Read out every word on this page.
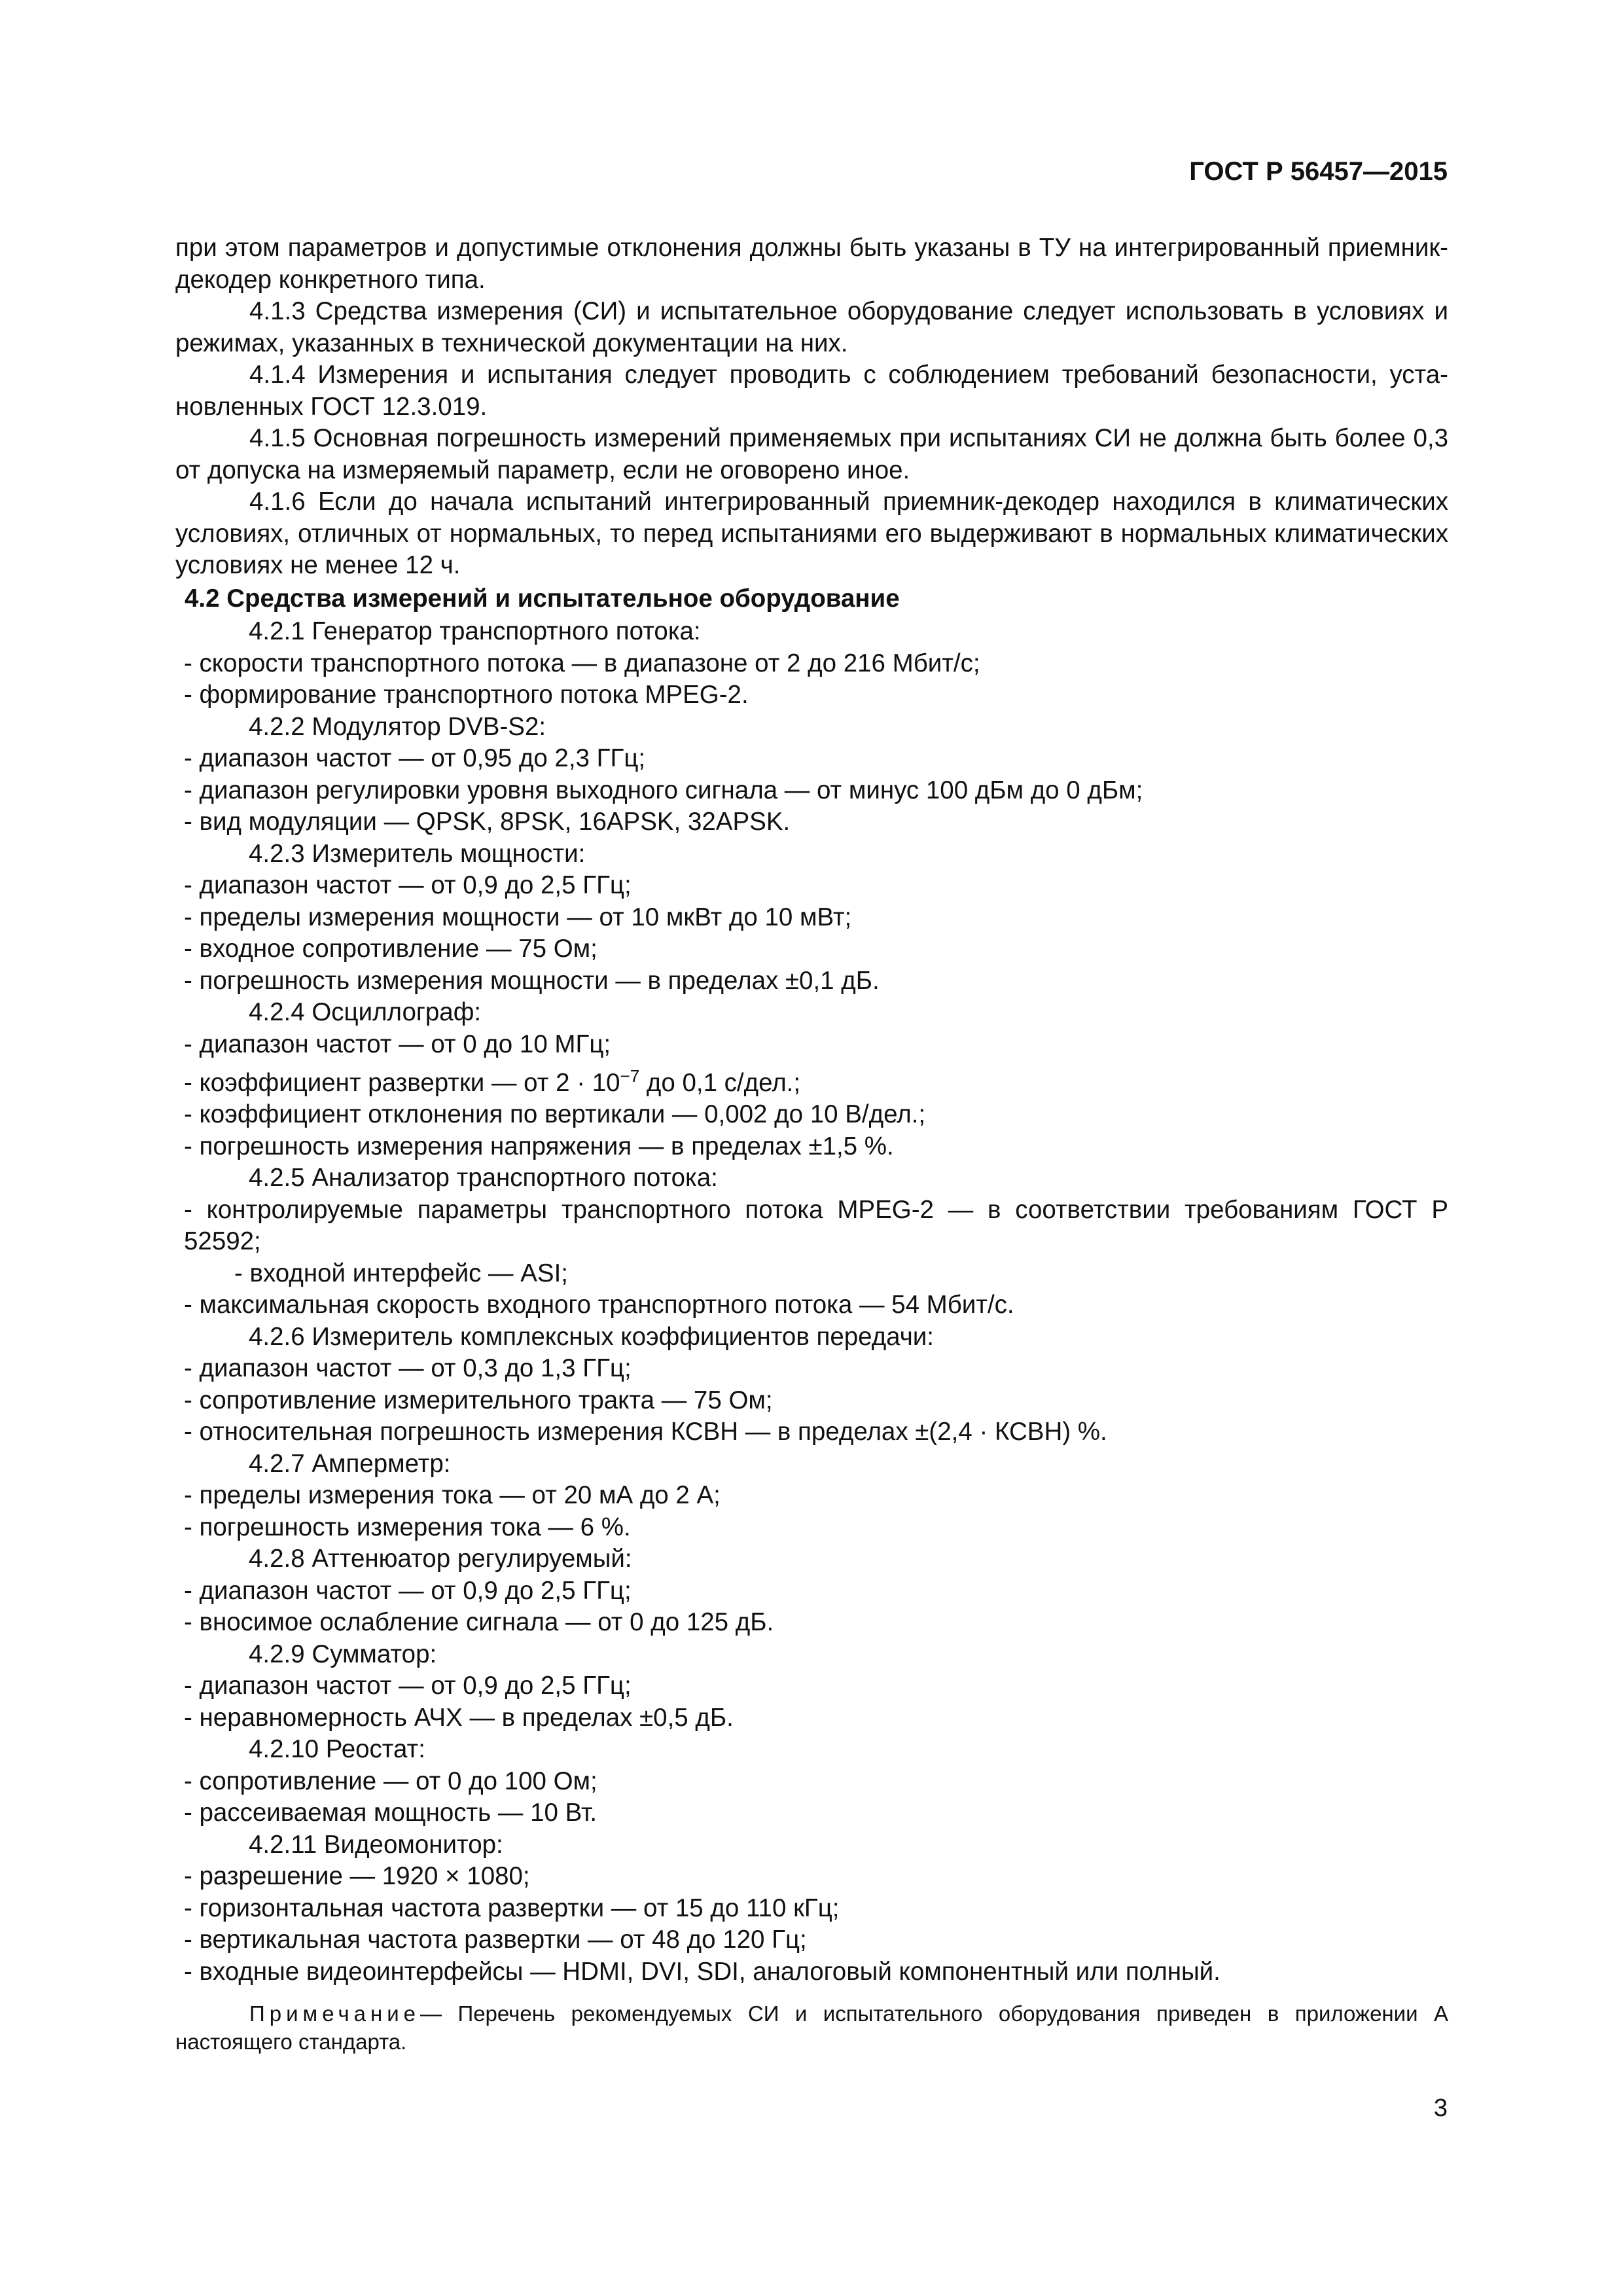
ГОСТ Р 56457—2015

при этом параметров и допустимые отклонения должны быть указаны в ТУ на интегрированный приемник-декодер конкретного типа.

4.1.3 Средства измерения (СИ) и испытательное оборудование следует использовать в условиях и режимах, указанных в технической документации на них.

4.1.4 Измерения и испытания следует проводить с соблюдением требований безопасности, установленных ГОСТ 12.3.019.

4.1.5 Основная погрешность измерений применяемых при испытаниях СИ не должна быть более 0,3 от допуска на измеряемый параметр, если не оговорено иное.

4.1.6 Если до начала испытаний интегрированный приемник-декодер находился в климатических условиях, отличных от нормальных, то перед испытаниями его выдерживают в нормальных климатических условиях не менее 12 ч.

4.2 Средства измерений и испытательное оборудование

4.2.1 Генератор транспортного потока:

- скорости транспортного потока — в диапазоне от 2 до 216 Мбит/с;

- формирование транспортного потока MPEG-2.

4.2.2 Модулятор DVB-S2:

- диапазон частот — от 0,95 до 2,3 ГГц;

- диапазон регулировки уровня выходного сигнала — от минус 100 дБм до 0 дБм;

- вид модуляции — QPSK, 8PSK, 16APSK, 32APSK.

4.2.3 Измеритель мощности:

- диапазон частот — от 0,9 до 2,5 ГГц;

- пределы измерения мощности — от 10 мкВт до 10 мВт;

- входное сопротивление — 75 Ом;

- погрешность измерения мощности — в пределах ±0,1 дБ.

4.2.4 Осциллограф:

- диапазон частот — от 0 до 10 МГц;

- коэффициент развертки — от $2 \cdot 10^{-7}$ до 0,1 с/дел.;

- коэффициент отклонения по вертикали — 0,002 до 10 В/дел.;

- погрешность измерения напряжения — в пределах ±1,5 %.

4.2.5 Анализатор транспортного потока:

- контролируемые параметры транспортного потока MPEG-2 — в соответствии требованиям ГОСТ Р 52592;

- входной интерфейс — ASI;

- максимальная скорость входного транспортного потока — 54 Мбит/с.

4.2.6 Измеритель комплексных коэффициентов передачи:

- диапазон частот — от 0,3 до 1,3 ГГц;

- сопротивление измерительного тракта — 75 Ом;

- относительная погрешность измерения КСВН — в пределах ±(2,4 · КСВН) %.

4.2.7 Амперметр:

- пределы измерения тока — от 20 мА до 2 А;

- погрешность измерения тока — 6 %.

4.2.8 Аттенюатор регулируемый:

- диапазон частот — от 0,9 до 2,5 ГГц;

- вносимое ослабление сигнала — от 0 до 125 дБ.

4.2.9 Сумматор:

- диапазон частот — от 0,9 до 2,5 ГГц;

- неравномерность АЧХ — в пределах ±0,5 дБ.

4.2.10 Реостат:

- сопротивление — от 0 до 100 Ом;

- рассеиваемая мощность — 10 Вт.

4.2.11 Видеомонитор:

- разрешение — 1920 × 1080;

- горизонтальная частота развертки — от 15 до 110 кГц;

- вертикальная частота развертки — от 48 до 120 Гц;

- входные видеоинтерфейсы — HDMI, DVI, SDI, аналоговый компонентный или полный.

Примечание— Перечень рекомендуемых СИ и испытательного оборудования приведен в приложении А настоящего стандарта.

3
